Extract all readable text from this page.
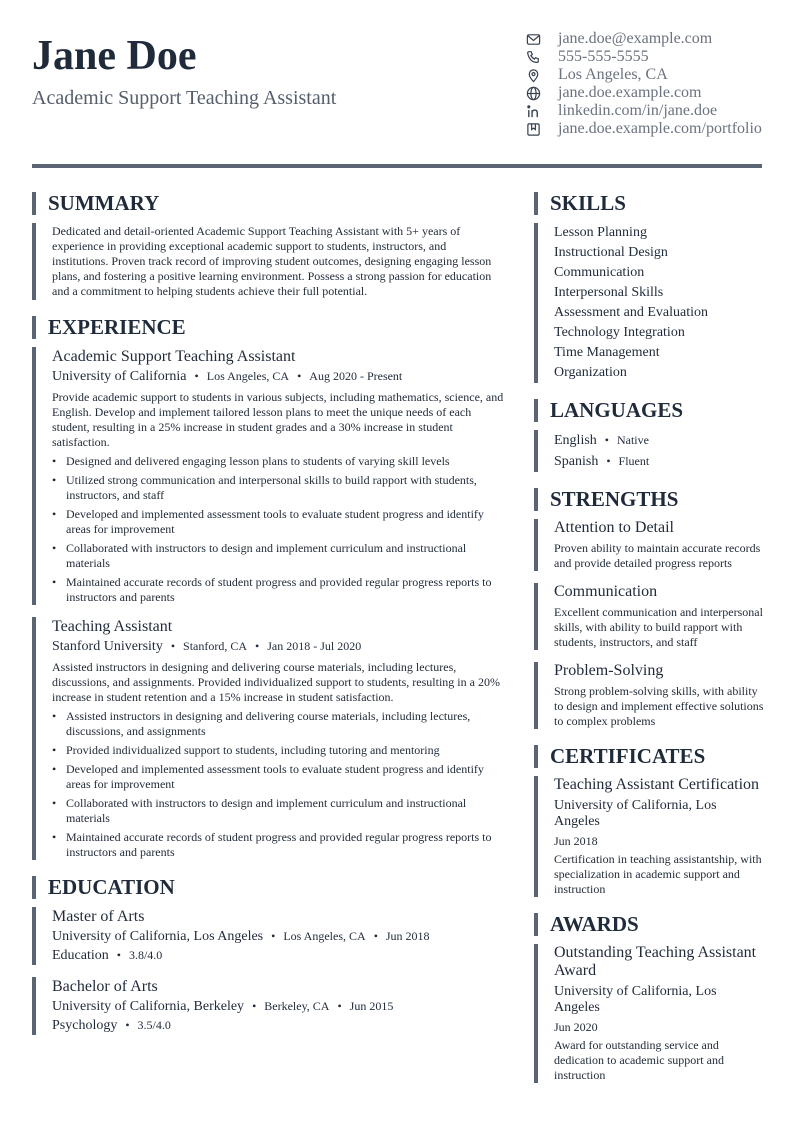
Jane Doe
Academic Support Teaching Assistant
jane.doe@example.com
555-555-5555
Los Angeles, CA
jane.doe.example.com
linkedin.com/in/jane.doe
jane.doe.example.com/portfolio
SUMMARY
Dedicated and detail-oriented Academic Support Teaching Assistant with 5+ years of experience in providing exceptional academic support to students, instructors, and institutions. Proven track record of improving student outcomes, designing engaging lesson plans, and fostering a positive learning environment. Possess a strong passion for education and a commitment to helping students achieve their full potential.
EXPERIENCE
Academic Support Teaching Assistant
University of California • Los Angeles, CA • Aug 2020 - Present
Provide academic support to students in various subjects, including mathematics, science, and English. Develop and implement tailored lesson plans to meet the unique needs of each student, resulting in a 25% increase in student grades and a 30% increase in student satisfaction.
• Designed and delivered engaging lesson plans to students of varying skill levels
• Utilized strong communication and interpersonal skills to build rapport with students, instructors, and staff
• Developed and implemented assessment tools to evaluate student progress and identify areas for improvement
• Collaborated with instructors to design and implement curriculum and instructional materials
• Maintained accurate records of student progress and provided regular progress reports to instructors and parents
Teaching Assistant
Stanford University • Stanford, CA • Jan 2018 - Jul 2020
Assisted instructors in designing and delivering course materials, including lectures, discussions, and assignments. Provided individualized support to students, resulting in a 20% increase in student retention and a 15% increase in student satisfaction.
• Assisted instructors in designing and delivering course materials, including lectures, discussions, and assignments
• Provided individualized support to students, including tutoring and mentoring
• Developed and implemented assessment tools to evaluate student progress and identify areas for improvement
• Collaborated with instructors to design and implement curriculum and instructional materials
• Maintained accurate records of student progress and provided regular progress reports to instructors and parents
EDUCATION
Master of Arts
University of California, Los Angeles • Los Angeles, CA • Jun 2018
Education • 3.8/4.0
Bachelor of Arts
University of California, Berkeley • Berkeley, CA • Jun 2015
Psychology • 3.5/4.0
SKILLS
Lesson Planning
Instructional Design
Communication
Interpersonal Skills
Assessment and Evaluation
Technology Integration
Time Management
Organization
LANGUAGES
English • Native
Spanish • Fluent
STRENGTHS
Attention to Detail
Proven ability to maintain accurate records and provide detailed progress reports
Communication
Excellent communication and interpersonal skills, with ability to build rapport with students, instructors, and staff
Problem-Solving
Strong problem-solving skills, with ability to design and implement effective solutions to complex problems
CERTIFICATES
Teaching Assistant Certification
University of California, Los Angeles
Jun 2018
Certification in teaching assistantship, with specialization in academic support and instruction
AWARDS
Outstanding Teaching Assistant Award
University of California, Los Angeles
Jun 2020
Award for outstanding service and dedication to academic support and instruction
